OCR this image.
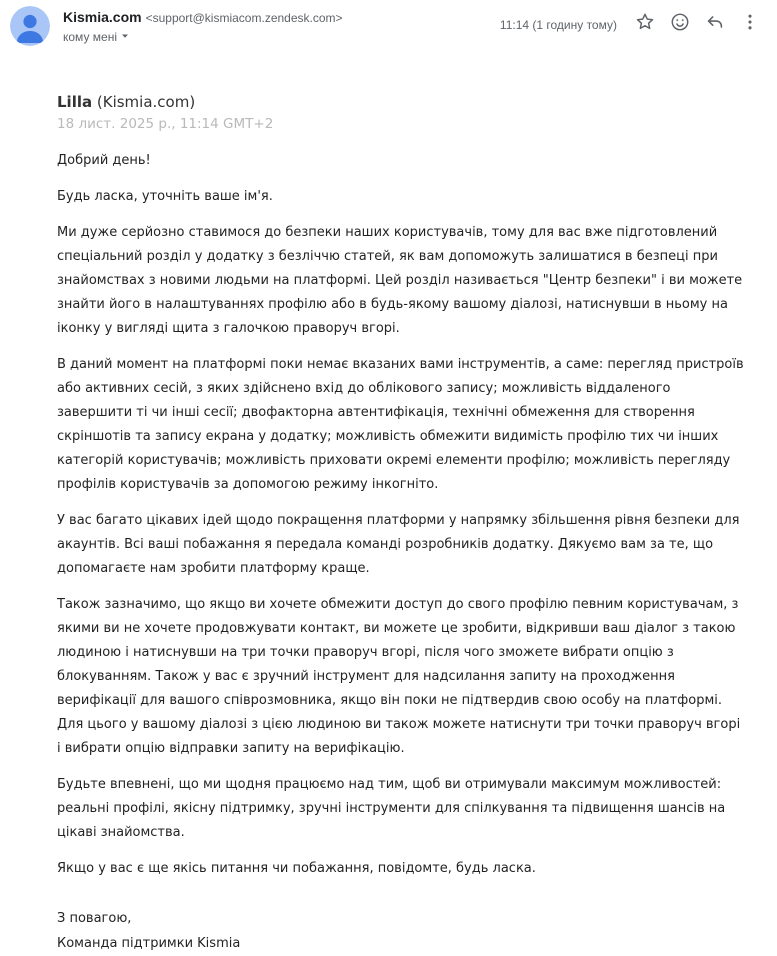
Kismia.com <support@kismiacom.zendesk.com>
кому мені
11:14 (1 годину тому)
Lilla (Kismia.com)
18 лист. 2025 р., 11:14 GMT+2

Добрий день!

Будь ласка, уточніть ваше ім'я.

Ми дуже серйозно ставимося до безпеки наших користувачів, тому для вас вже підготовлений спеціальний розділ у додатку з безліччю статей, як вам допоможуть залишатися в безпеці при знайомствах з новими людьми на платформі. Цей розділ називається "Центр безпеки" і ви можете знайти його в налаштуваннях профілю або в будь-якому вашому діалозі, натиснувши в ньому на іконку у вигляді щита з галочкою праворуч вгорі.

В даний момент на платформі поки немає вказаних вами інструментів, а саме: перегляд пристроїв або активних сесій, з яких здійснено вхід до облікового запису; можливість віддаленого завершити ті чи інші сесії; двофакторна автентифікація, технічні обмеження для створення скріншотів та запису екрана у додатку; можливість обмежити видимість профілю тих чи інших категорій користувачів; можливість приховати окремі елементи профілю; можливість перегляду профілів користувачів за допомогою режиму інкогніто.

У вас багато цікавих ідей щодо покращення платформи у напрямку збільшення рівня безпеки для акаунтів. Всі ваші побажання я передала команді розробників додатку. Дякуємо вам за те, що допомагаєте нам зробити платформу краще.

Також зазначимо, що якщо ви хочете обмежити доступ до свого профілю певним користувачам, з якими ви не хочете продовжувати контакт, ви можете це зробити, відкривши ваш діалог з такою людиною і натиснувши на три точки праворуч вгорі, після чого зможете вибрати опцію з блокуванням. Також у вас є зручний інструмент для надсилання запиту на проходження верифікації для вашого співрозмовника, якщо він поки не підтвердив свою особу на платформі. Для цього у вашому діалозі з цією людиною ви також можете натиснути три точки праворуч вгорі і вибрати опцію відправки запиту на верифікацію.

Будьте впевнені, що ми щодня працюємо над тим, щоб ви отримували максимум можливостей: реальні профілі, якісну підтримку, зручні інструменти для спілкування та підвищення шансів на цікаві знайомства.

Якщо у вас є ще якісь питання чи побажання, повідомте, будь ласка.

З повагою,
Команда підтримки Kismia
